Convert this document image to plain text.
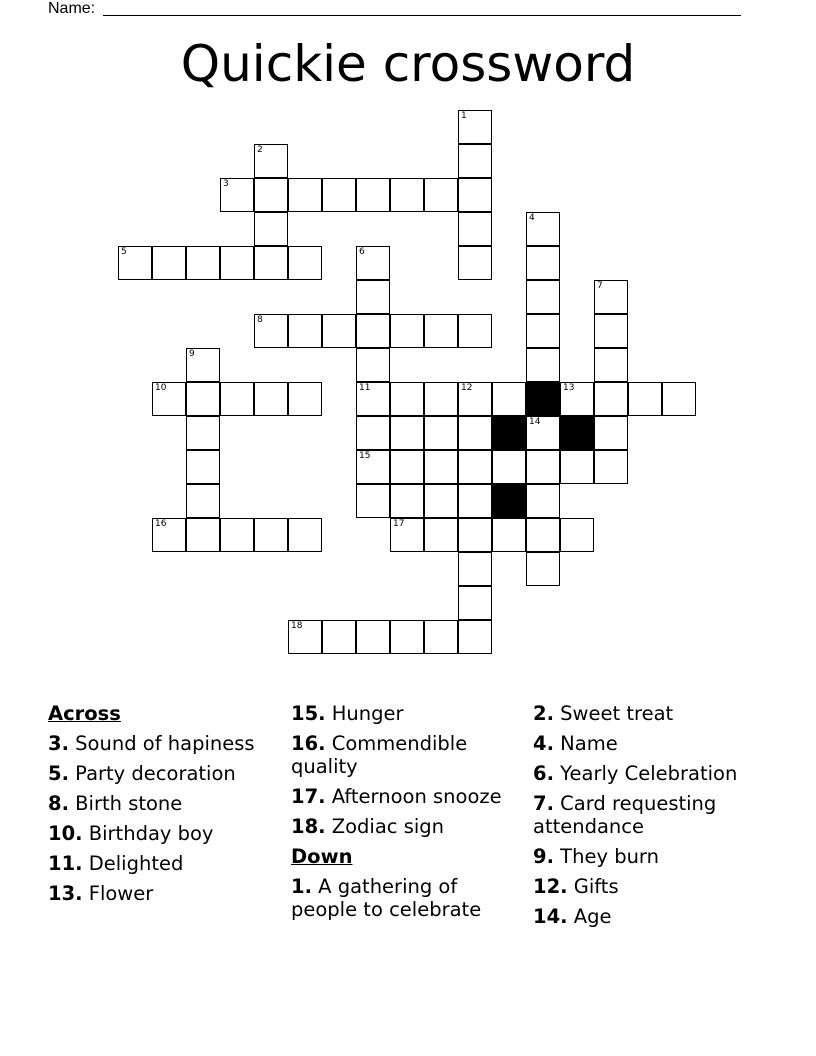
Name:
Quickie crossword
1
2
3
4
5	6
7
8
9
10	11	12	13
14
15
16	17
18
Across
3. Sound of hapiness
5. Party decoration
8. Birth stone
10. Birthday boy
11. Delighted
13. Flower
15. Hunger
16. Commendible quality
17. Afternoon snooze
18. Zodiac sign
Down
1. A gathering of people to celebrate
2. Sweet treat
4. Name
6. Yearly Celebration
7. Card requesting attendance
9. They burn
12. Gifts
14. Age
